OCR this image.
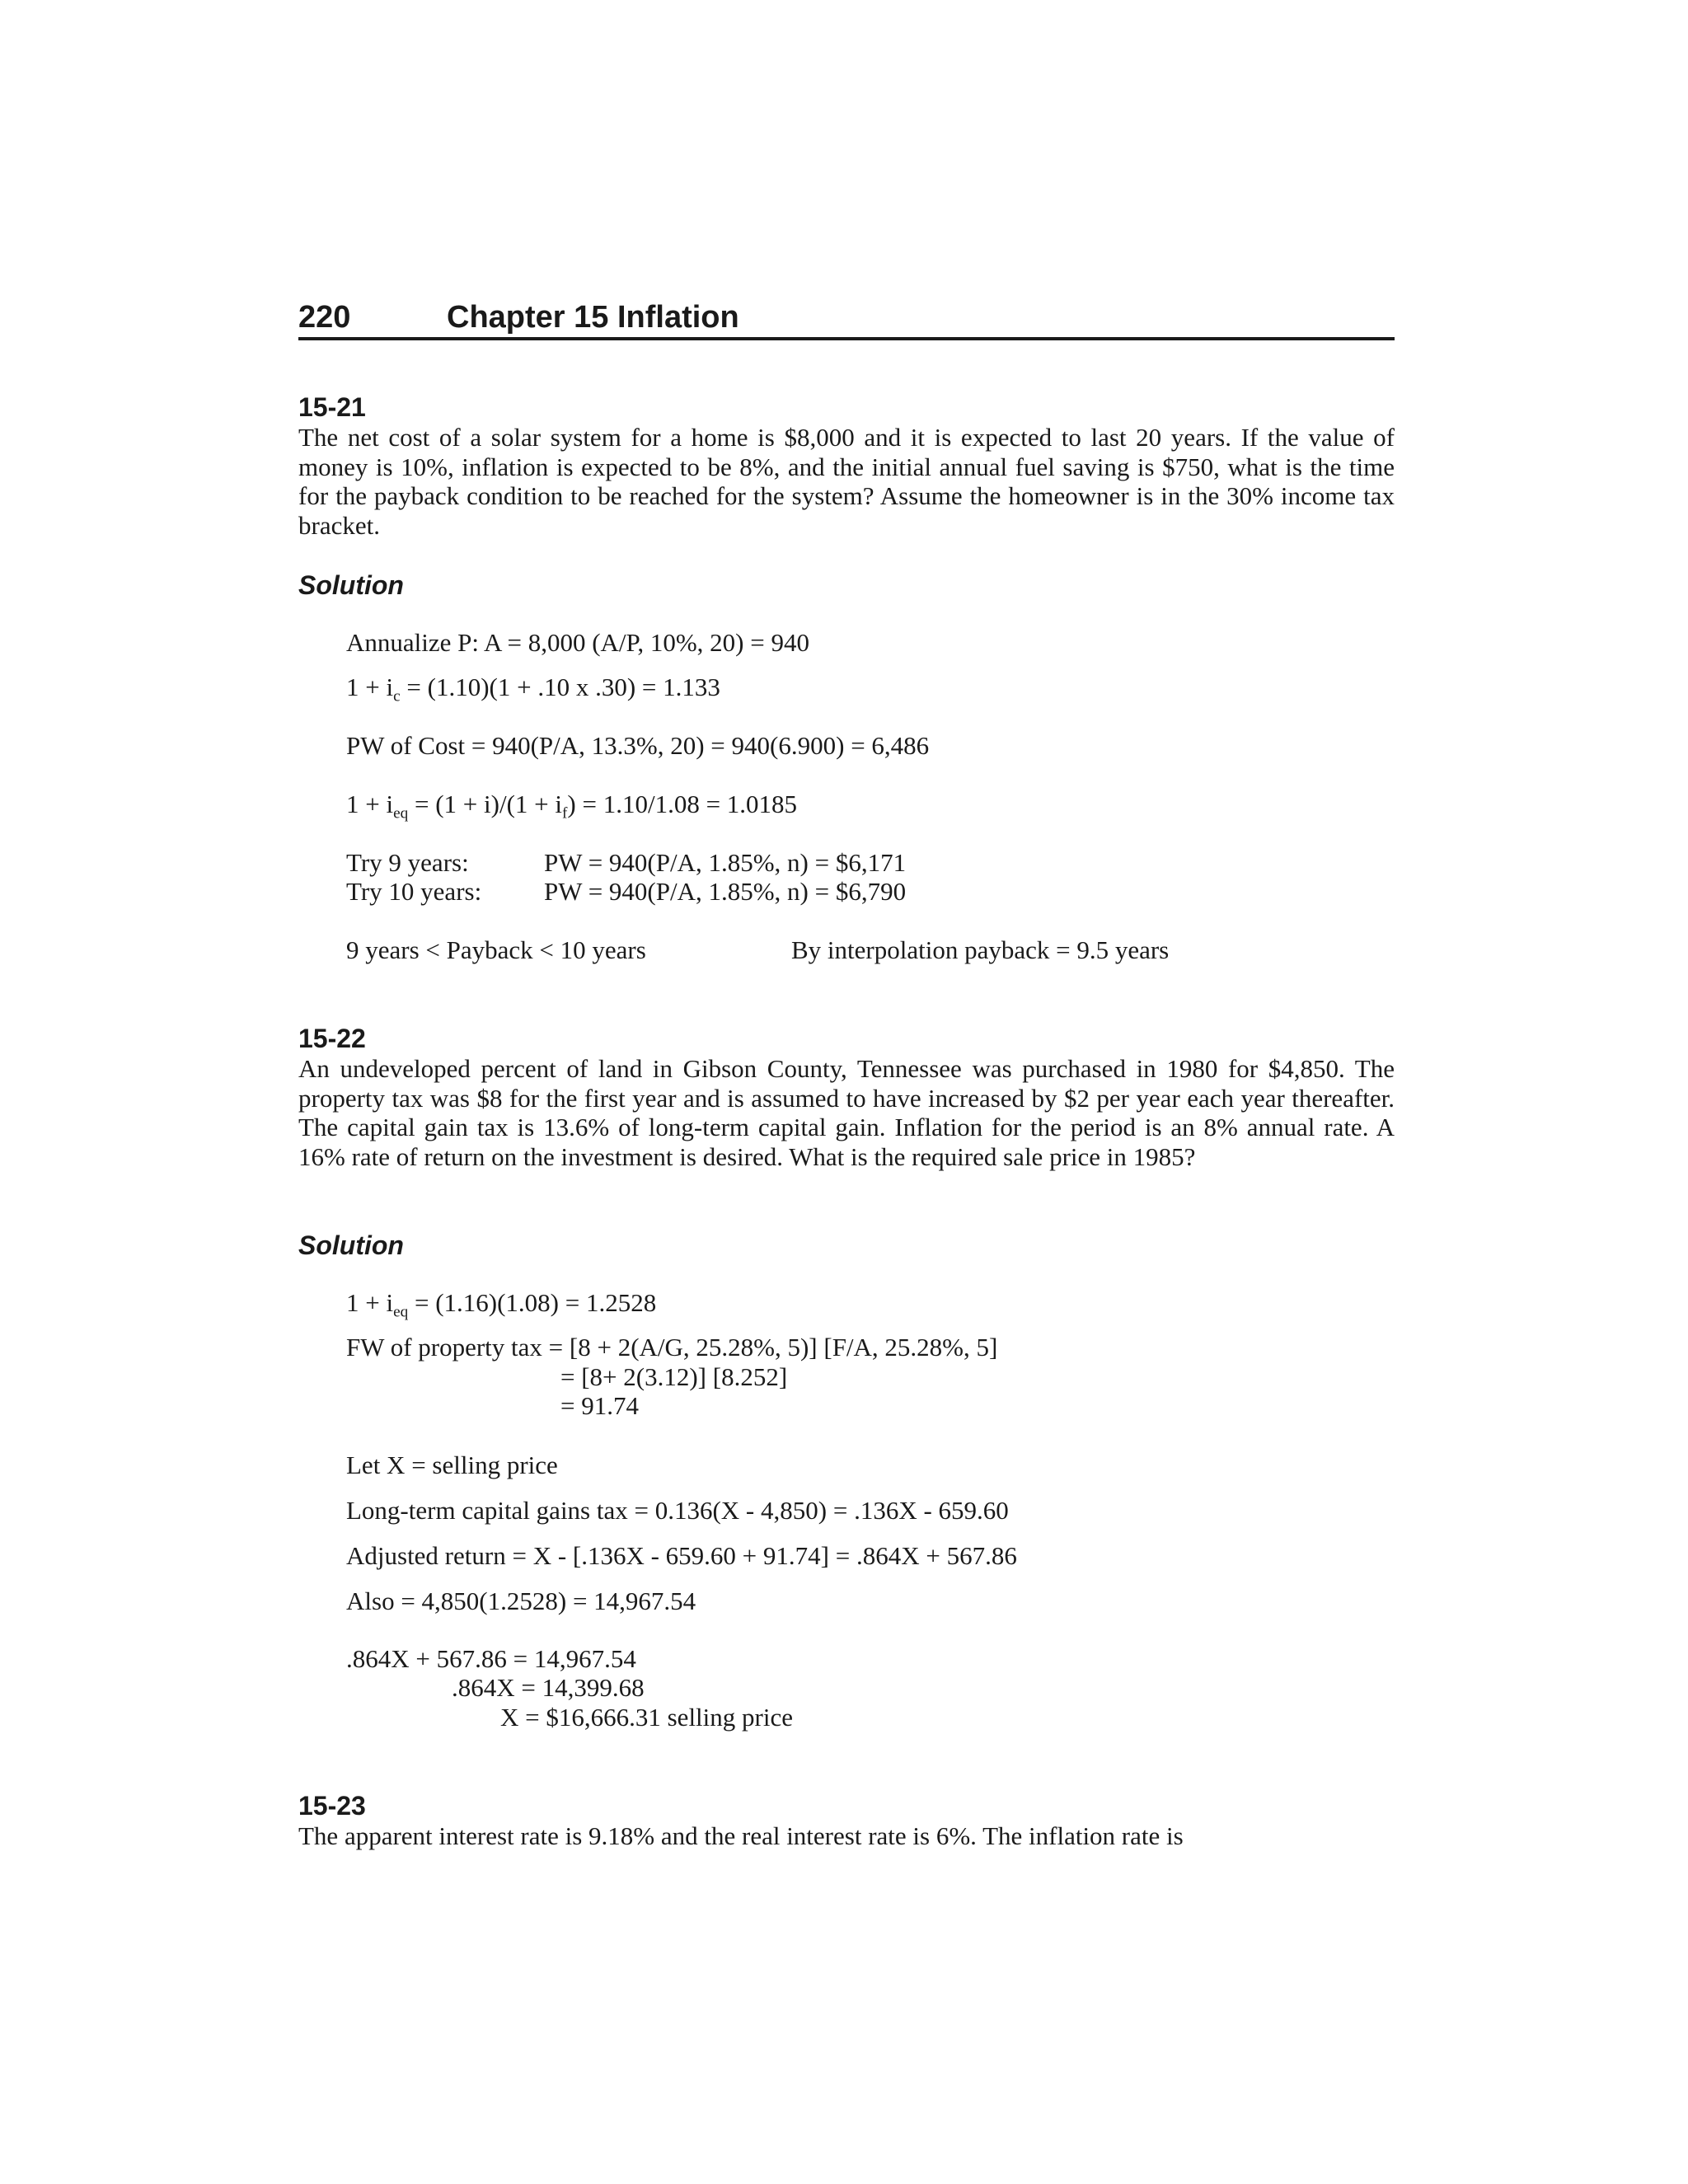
220	Chapter 15 Inflation
15-21
The net cost of a solar system for a home is $8,000 and it is expected to last 20 years. If the value of money is 10%, inflation is expected to be 8%, and the initial annual fuel saving is $750, what is the time for the payback condition to be reached for the system? Assume the homeowner is in the 30% income tax bracket.
Solution
Annualize P: A = 8,000 (A/P, 10%, 20) = 940
$1 + i_c = (1.10)(1 + .10$ x .30) = 1.133
PW of Cost = 940(P/A, 13.3%, 20) = 940(6.900) = 6,486
$1 + i_{eq} = (1 + i)/(1 + i_f) = 1.10/1.08 = 1.0185$
Try 9 years:	PW = 940(P/A, 1.85%, n) = $6,171
Try 10 years: PW = 940(P/A, 1.85%, n) = $6,790
9 years < Payback < 10 years	By interpolation payback = 9.5 years
15-22
An undeveloped percent of land in Gibson County, Tennessee was purchased in 1980 for $4,850. The property tax was $8 for the first year and is assumed to have increased by $2 per year each year thereafter. The capital gain tax is 13.6% of long-term capital gain. Inflation for the period is an 8% annual rate. A 16% rate of return on the investment is desired. What is the required sale price in 1985?
Solution
$1 + i_{eq} = (1.16)(1.08) = 1.2528$
FW of property tax = [8 + 2(A/G, 25.28%, 5)] [F/A, 25.28%, 5]
= [8+ 2(3.12)] [8.252]
= 91.74
Let X = selling price
Long-term capital gains tax = 0.136(X - 4,850) = .136X - 659.60
Adjusted return = X - [.136X - 659.60 + 91.74] = .864X + 567.86
Also = 4,850(1.2528) = 14,967.54
.864X + 567.86 = 14,967.54
.864X = 14,399.68
X = $16,666.31 selling price
15-23
The apparent interest rate is 9.18% and the real interest rate is 6%. The inflation rate is
